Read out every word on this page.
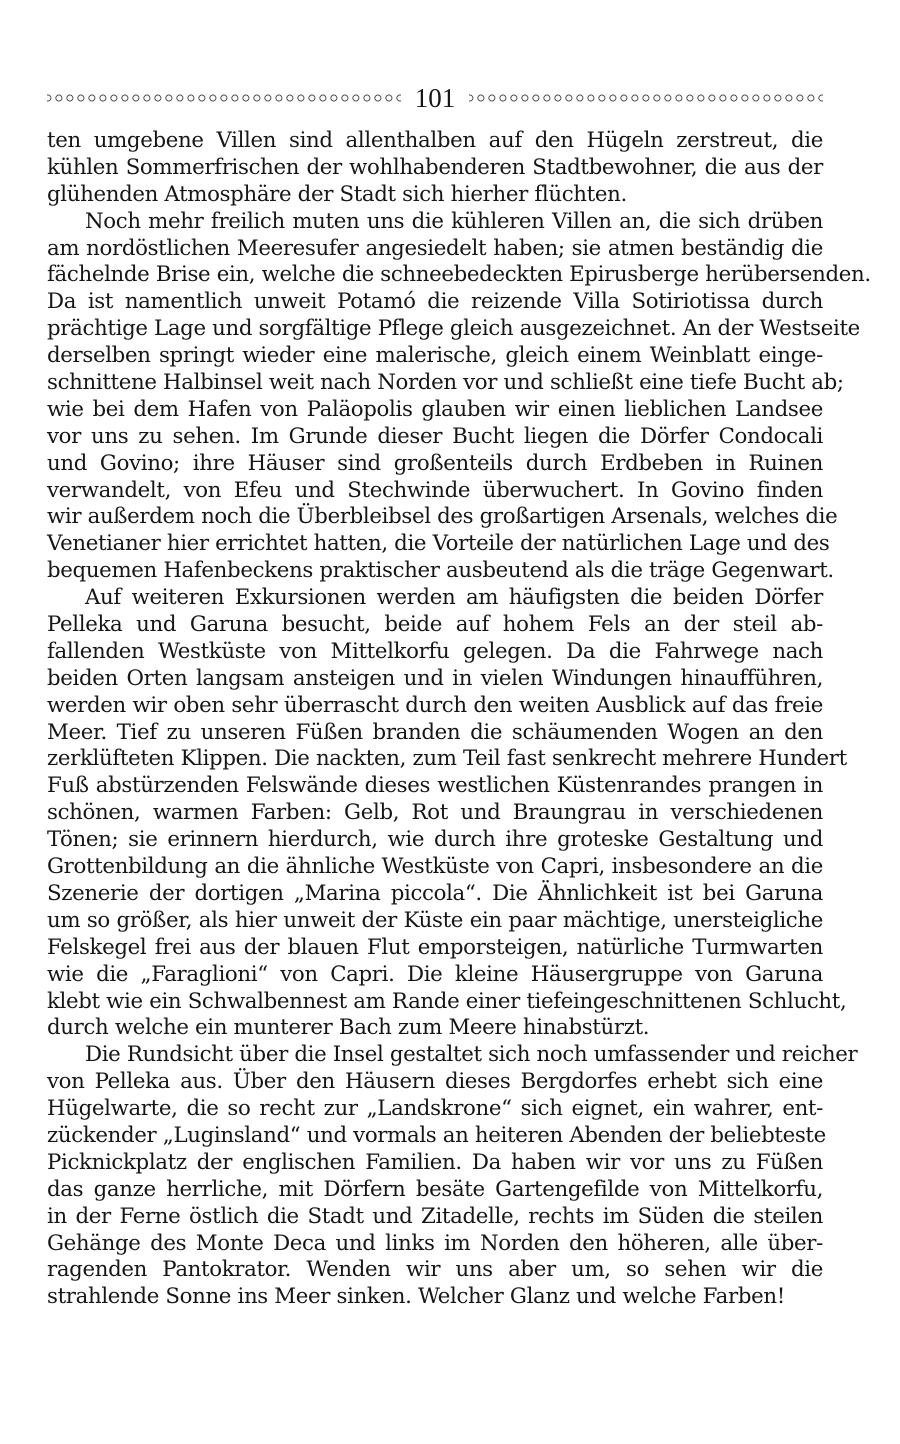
101
ten umgebene Villen sind allenthalben auf den Hügeln zerstreut, die
kühlen Sommerfrischen der wohlhabenderen Stadtbewohner, die aus der
glühenden Atmosphäre der Stadt sich hierher flüchten.
Noch mehr freilich muten uns die kühleren Villen an, die sich drüben
am nordöstlichen Meeresufer angesiedelt haben; sie atmen beständig die
fächelnde Brise ein, welche die schneebedeckten Epirusberge herübersenden.
Da ist namentlich unweit Potamó die reizende Villa Sotiriotissa durch
prächtige Lage und sorgfältige Pflege gleich ausgezeichnet. An der Westseite
derselben springt wieder eine malerische, gleich einem Weinblatt einge-
schnittene Halbinsel weit nach Norden vor und schließt eine tiefe Bucht ab;
wie bei dem Hafen von Paläopolis glauben wir einen lieblichen Landsee
vor uns zu sehen. Im Grunde dieser Bucht liegen die Dörfer Condocali
und Govino; ihre Häuser sind großenteils durch Erdbeben in Ruinen
verwandelt, von Efeu und Stechwinde überwuchert. In Govino finden
wir außerdem noch die Überbleibsel des großartigen Arsenals, welches die
Venetianer hier errichtet hatten, die Vorteile der natürlichen Lage und des
bequemen Hafenbeckens praktischer ausbeutend als die träge Gegenwart.
Auf weiteren Exkursionen werden am häufigsten die beiden Dörfer
Pelleka und Garuna besucht, beide auf hohem Fels an der steil ab-
fallenden Westküste von Mittelkorfu gelegen. Da die Fahrwege nach
beiden Orten langsam ansteigen und in vielen Windungen hinaufführen,
werden wir oben sehr überrascht durch den weiten Ausblick auf das freie
Meer. Tief zu unseren Füßen branden die schäumenden Wogen an den
zerklüfteten Klippen. Die nackten, zum Teil fast senkrecht mehrere Hundert
Fuß abstürzenden Felswände dieses westlichen Küstenrandes prangen in
schönen, warmen Farben: Gelb, Rot und Braungrau in verschiedenen
Tönen; sie erinnern hierdurch, wie durch ihre groteske Gestaltung und
Grottenbildung an die ähnliche Westküste von Capri, insbesondere an die
Szenerie der dortigen „Marina piccola“. Die Ähnlichkeit ist bei Garuna
um so größer, als hier unweit der Küste ein paar mächtige, unersteigliche
Felskegel frei aus der blauen Flut emporsteigen, natürliche Turmwarten
wie die „Faraglioni“ von Capri. Die kleine Häusergruppe von Garuna
klebt wie ein Schwalbennest am Rande einer tiefeingeschnittenen Schlucht,
durch welche ein munterer Bach zum Meere hinabstürzt.
Die Rundsicht über die Insel gestaltet sich noch umfassender und reicher
von Pelleka aus. Über den Häusern dieses Bergdorfes erhebt sich eine
Hügelwarte, die so recht zur „Landskrone“ sich eignet, ein wahrer, ent-
zückender „Luginsland“ und vormals an heiteren Abenden der beliebteste
Picknickplatz der englischen Familien. Da haben wir vor uns zu Füßen
das ganze herrliche, mit Dörfern besäte Gartengefilde von Mittelkorfu,
in der Ferne östlich die Stadt und Zitadelle, rechts im Süden die steilen
Gehänge des Monte Deca und links im Norden den höheren, alle über-
ragenden Pantokrator. Wenden wir uns aber um, so sehen wir die
strahlende Sonne ins Meer sinken. Welcher Glanz und welche Farben!
